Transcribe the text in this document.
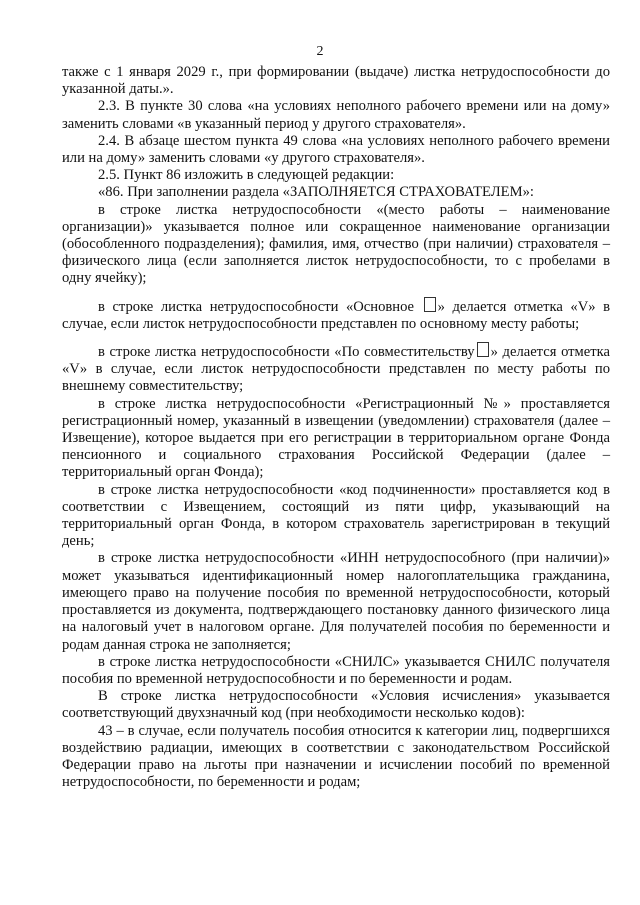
2

также с 1 января 2029 г., при формировании (выдаче) листка нетрудоспособности до указанной даты.».

2.3. В пункте 30 слова «на условиях неполного рабочего времени или на дому» заменить словами «в указанный период у другого страхователя».

2.4. В абзаце шестом пункта 49 слова «на условиях неполного рабочего времени или на дому» заменить словами «у другого страхователя».

2.5. Пункт 86 изложить в следующей редакции:

«86. При заполнении раздела «ЗАПОЛНЯЕТСЯ СТРАХОВАТЕЛЕМ»:

в строке листка нетрудоспособности «(место работы – наименование организации)» указывается полное или сокращенное наименование организации (обособленного подразделения); фамилия, имя, отчество (при наличии) страхователя – физического лица (если заполняется листок нетрудоспособности, то с пробелами в одну ячейку);

в строке листка нетрудоспособности «Основное » делается отметка «V» в случае, если листок нетрудоспособности представлен по основному месту работы;

в строке листка нетрудоспособности «По совместительству » делается отметка «V» в случае, если листок нетрудоспособности представлен по месту работы по внешнему совместительству;

в строке листка нетрудоспособности «Регистрационный №» проставляется регистрационный номер, указанный в извещении (уведомлении) страхователя (далее – Извещение), которое выдается при его регистрации в территориальном органе Фонда пенсионного и социального страхования Российской Федерации (далее – территориальный орган Фонда);

в строке листка нетрудоспособности «код подчиненности» проставляется код в соответствии с Извещением, состоящий из пяти цифр, указывающий на территориальный орган Фонда, в котором страхователь зарегистрирован в текущий день;

в строке листка нетрудоспособности «ИНН нетрудоспособного (при наличии)» может указываться идентификационный номер налогоплательщика гражданина, имеющего право на получение пособия по временной нетрудоспособности, который проставляется из документа, подтверждающего постановку данного физического лица на налоговый учет в налоговом органе. Для получателей пособия по беременности и родам данная строка не заполняется;

в строке листка нетрудоспособности «СНИЛС» указывается СНИЛС получателя пособия по временной нетрудоспособности и по беременности и родам.

В строке листка нетрудоспособности «Условия исчисления» указывается соответствующий двухзначный код (при необходимости несколько кодов):

43 – в случае, если получатель пособия относится к категории лиц, подвергшихся воздействию радиации, имеющих в соответствии с законодательством Российской Федерации право на льготы при назначении и исчислении пособий по временной нетрудоспособности, по беременности и родам;
